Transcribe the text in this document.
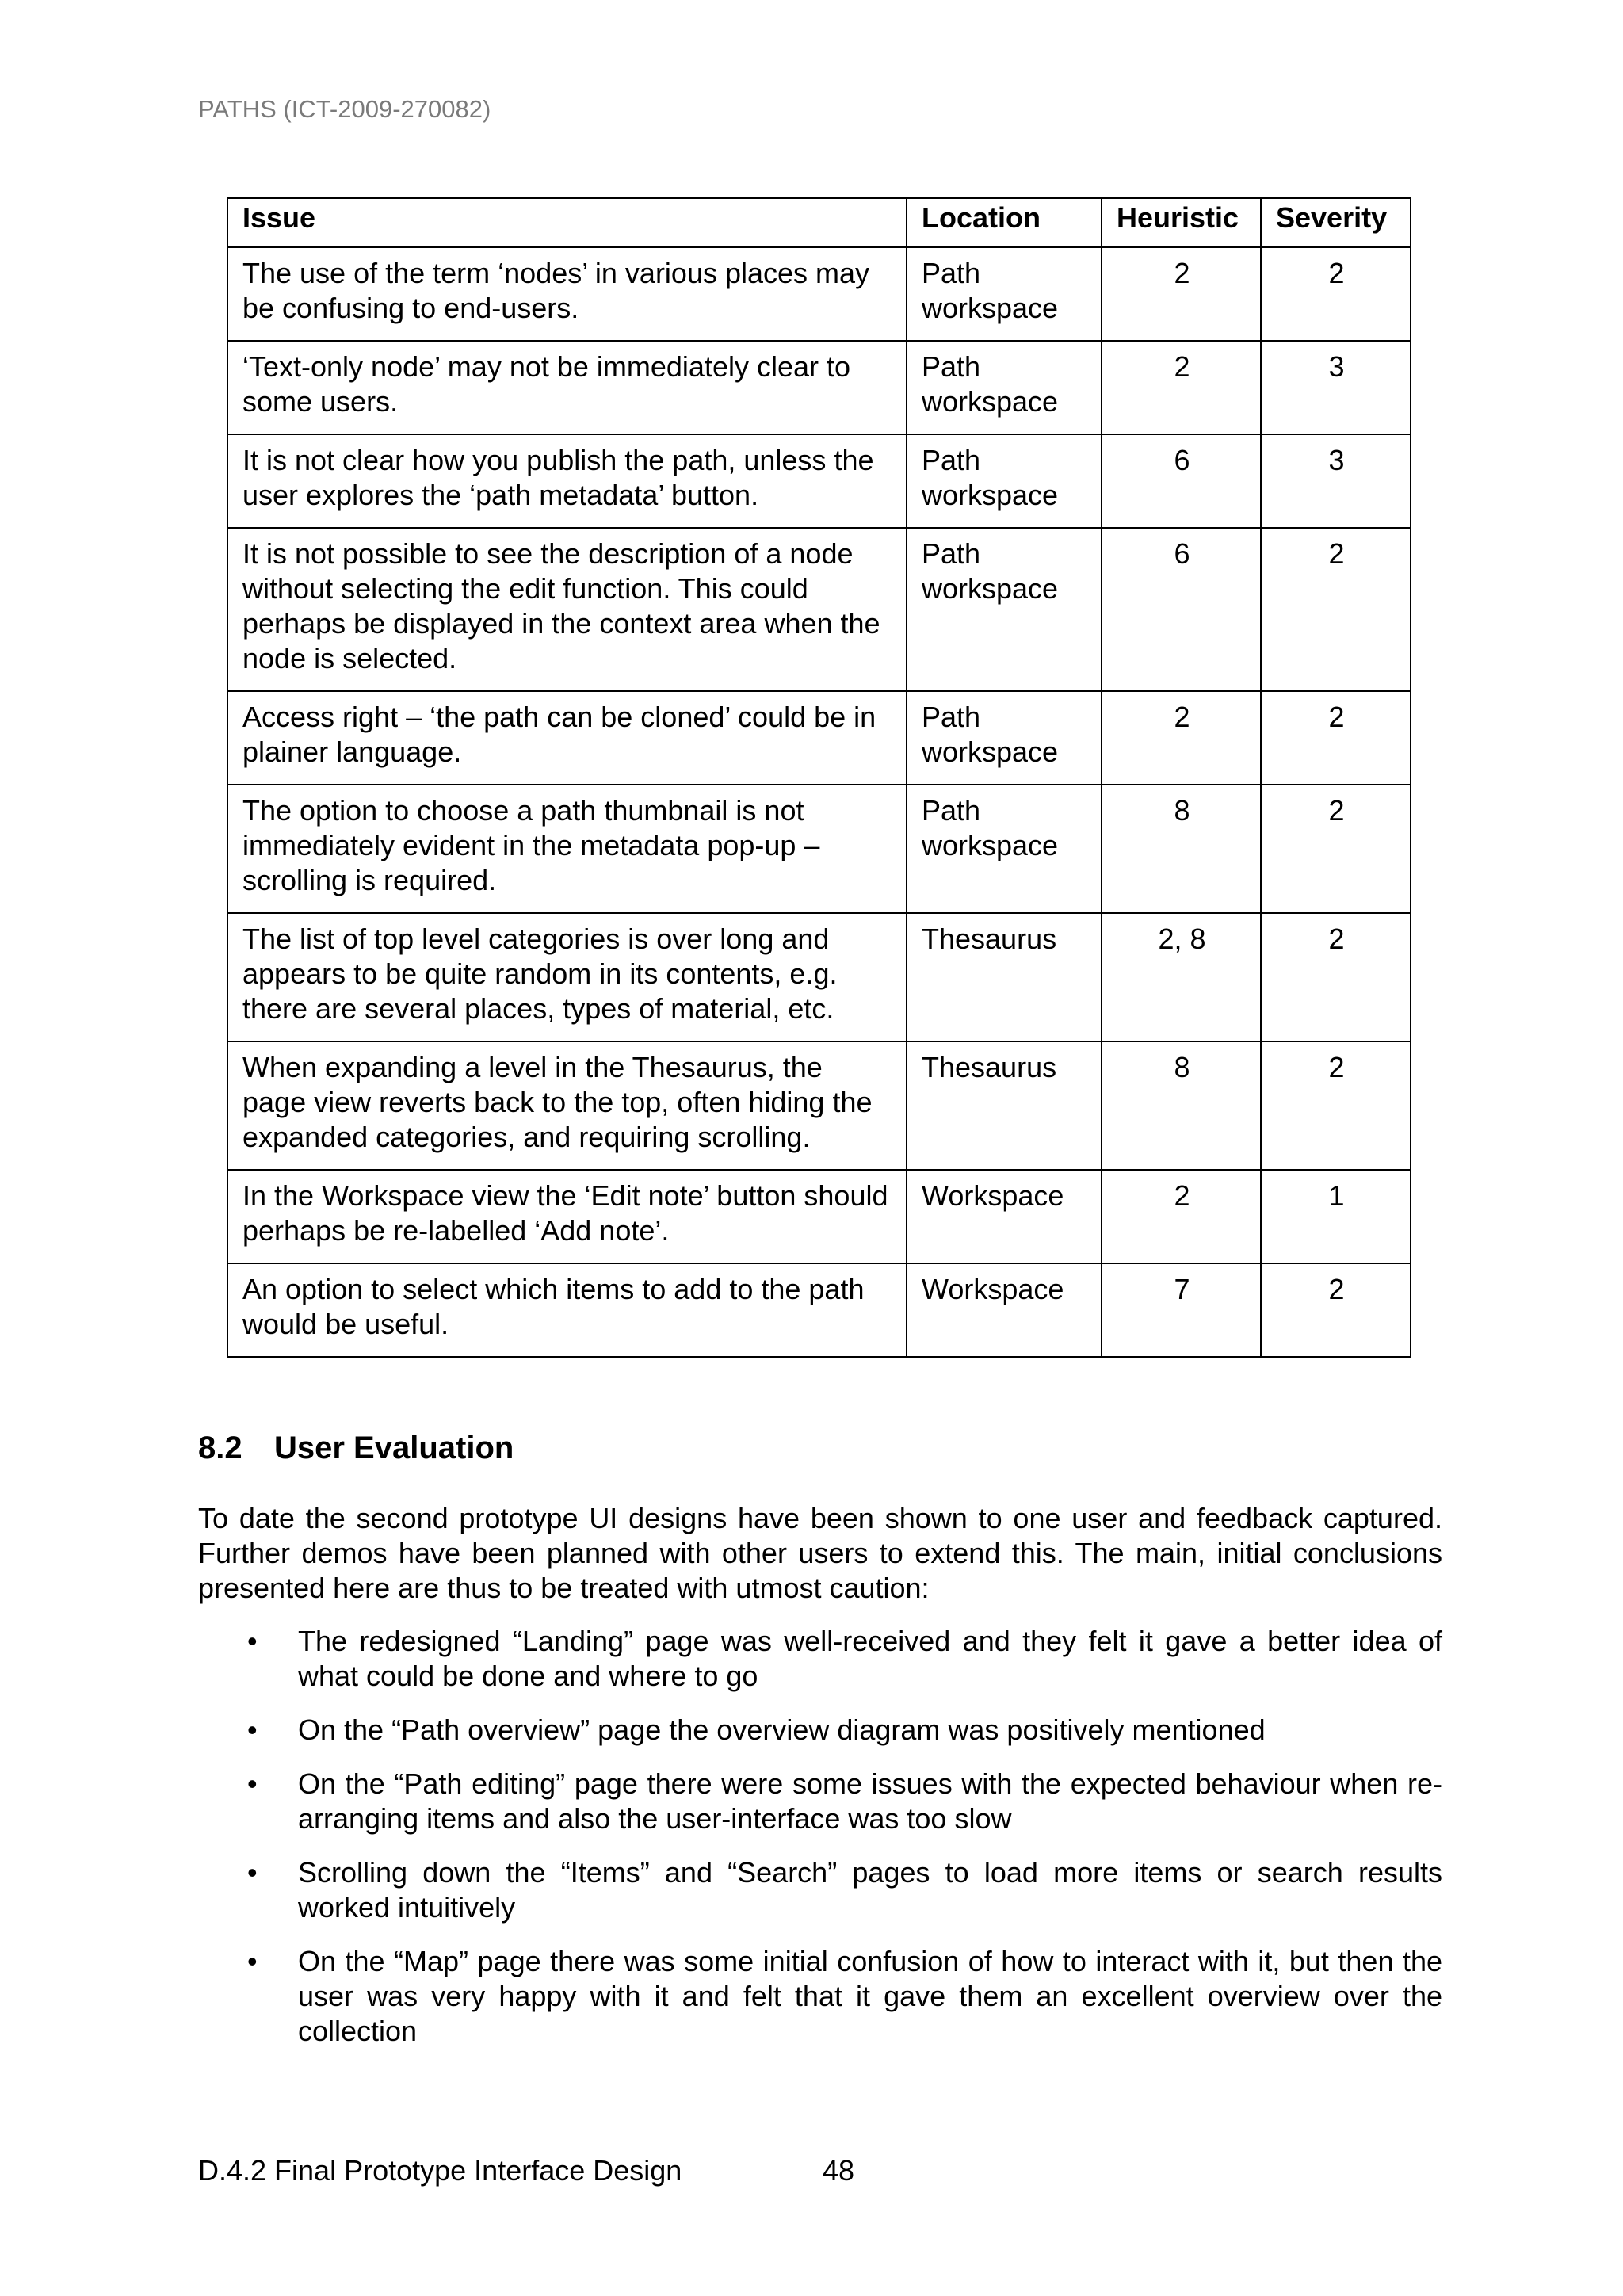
PATHS (ICT-2009-270082)
Issue	Location	Heuristic	Severity
The use of the term ‘nodes’ in various places may be confusing to end-users.	Path workspace	2	2
‘Text-only node’ may not be immediately clear to some users.	Path workspace	2	3
It is not clear how you publish the path, unless the user explores the ‘path metadata’ button.	Path workspace	6	3
It is not possible to see the description of a node without selecting the edit function. This could perhaps be displayed in the context area when the node is selected.	Path workspace	6	2
Access right – ‘the path can be cloned’ could be in plainer language.	Path workspace	2	2
The option to choose a path thumbnail is not immediately evident in the metadata pop-up – scrolling is required.	Path workspace	8	2
The list of top level categories is over long and appears to be quite random in its contents, e.g. there are several places, types of material, etc.	Thesaurus	2, 8	2
When expanding a level in the Thesaurus, the page view reverts back to the top, often hiding the expanded categories, and requiring scrolling.	Thesaurus	8	2
In the Workspace view the ‘Edit note’ button should perhaps be re-labelled ‘Add note’.	Workspace	2	1
An option to select which items to add to the path would be useful.	Workspace	7	2
8.2 User Evaluation

To date the second prototype UI designs have been shown to one user and feedback captured. Further demos have been planned with other users to extend this. The main, initial conclusions presented here are thus to be treated with utmost caution:

• The redesigned “Landing” page was well-received and they felt it gave a better idea of what could be done and where to go
• On the “Path overview” page the overview diagram was positively mentioned
• On the “Path editing” page there were some issues with the expected behaviour when re-arranging items and also the user-interface was too slow
• Scrolling down the “Items” and “Search” pages to load more items or search results worked intuitively
• On the “Map” page there was some initial confusion of how to interact with it, but then the user was very happy with it and felt that it gave them an excellent overview over the collection
D.4.2 Final Prototype Interface Design	48
